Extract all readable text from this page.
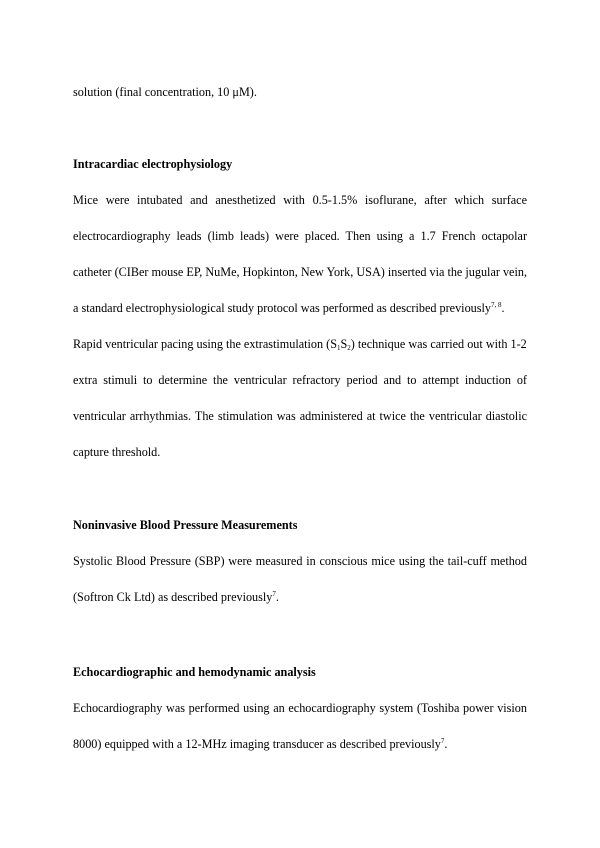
solution (final concentration, 10 μM).
Intracardiac electrophysiology
Mice were intubated and anesthetized with 0.5-1.5% isoflurane, after which surface
electrocardiography leads (limb leads) were placed. Then using a 1.7 French octapolar
catheter (CIBer mouse EP, NuMe, Hopkinton, New York, USA) inserted via the jugular vein,
a standard electrophysiological study protocol was performed as described previously$^{7, 8}$.
Rapid ventricular pacing using the extrastimulation $(S_1S_2)$ technique was carried out with 1-2
extra stimuli to determine the ventricular refractory period and to attempt induction of
ventricular arrhythmias. The stimulation was administered at twice the ventricular diastolic
capture threshold.
Noninvasive Blood Pressure Measurements
Systolic Blood Pressure (SBP) were measured in conscious mice using the tail-cuff method
(Softron Ck Ltd) as described previously$^7$.
Echocardiographic and hemodynamic analysis
Echocardiography was performed using an echocardiography system (Toshiba power vision
8000) equipped with a 12-MHz imaging transducer as described previously$^7$.
